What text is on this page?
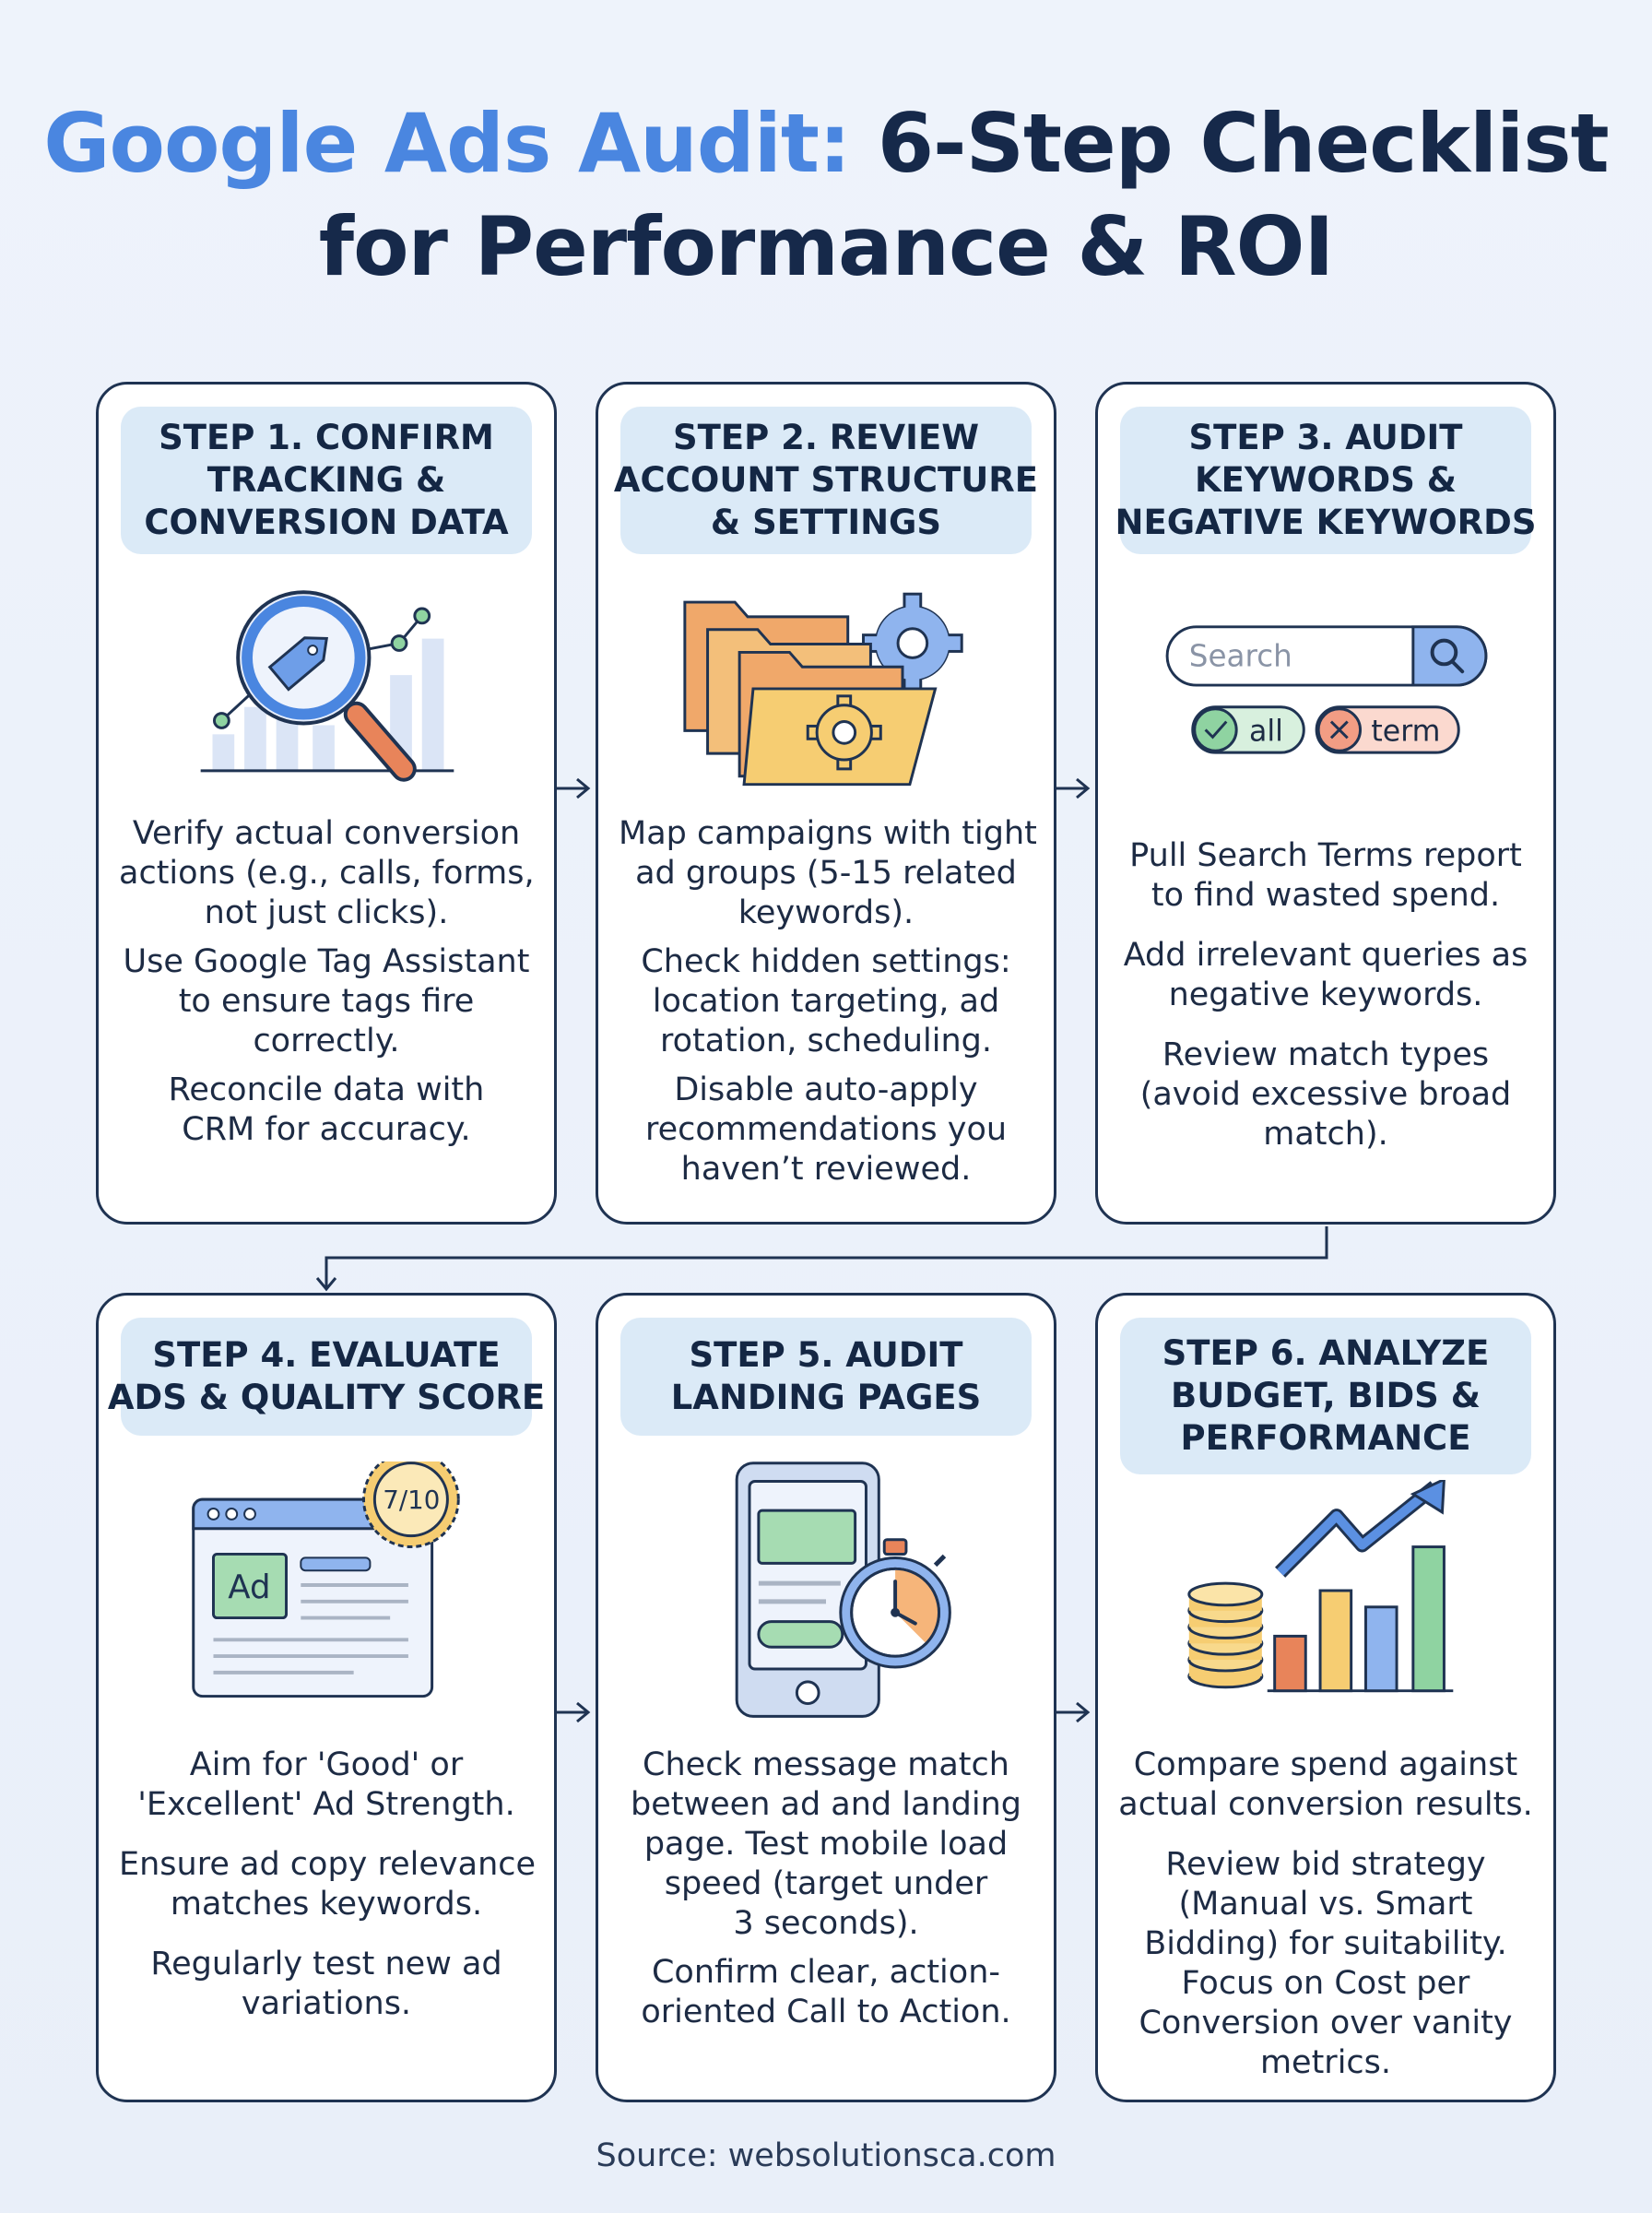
Google Ads Audit: 6-Step Checklist
for Performance & ROI
STEP 1. CONFIRM
TRACKING &
CONVERSION DATA

Verify actual conversion
actions (e.g., calls, forms,
not just clicks).

Use Google Tag Assistant
to ensure tags fire
correctly.

Reconcile data with
CRM for accuracy.

STEP 2. REVIEW
ACCOUNT STRUCTURE
& SETTINGS

Map campaigns with tight
ad groups (5-15 related
keywords).

Check hidden settings:
location targeting, ad
rotation, scheduling.

Disable auto-apply
recommendations you
haven’t reviewed.

STEP 3. AUDIT
KEYWORDS &
NEGATIVE KEYWORDS
Search
all	term

Pull Search Terms report
to find wasted spend.

Add irrelevant queries as
negative keywords.

Review match types
(avoid excessive broad
match).

STEP 4. EVALUATE
ADS & QUALITY SCORE
Ad
7/10

Aim for 'Good' or
'Excellent' Ad Strength.

Ensure ad copy relevance
matches keywords.

Regularly test new ad
variations.

STEP 5. AUDIT
LANDING PAGES

Check message match
between ad and landing
page. Test mobile load
speed (target under
3 seconds).

Confirm clear, action-
oriented Call to Action.

STEP 6. ANALYZE
BUDGET, BIDS &
PERFORMANCE

Compare spend against
actual conversion results.

Review bid strategy
(Manual vs. Smart
Bidding) for suitability.
Focus on Cost per
Conversion over vanity
metrics.

Source: websolutionsca.com
